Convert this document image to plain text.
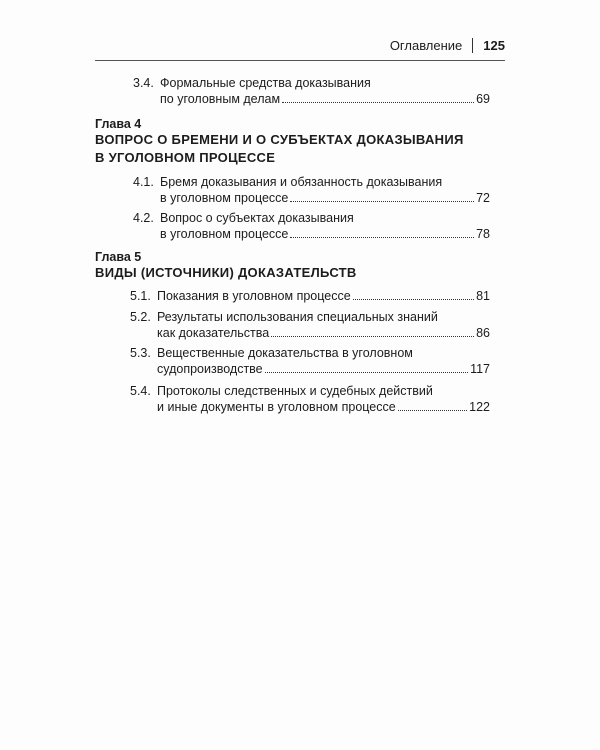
Оглавление 125
3.4. Формальные средства доказывания
по уголовным делам	69
Глава 4
ВОПРОС О БРЕМЕНИ И О СУБЪЕКТАХ ДОКАЗЫВАНИЯ
В УГОЛОВНОМ ПРОЦЕССЕ
4.1. Бремя доказывания и обязанность доказывания
в уголовном процессе	72
4.2. Вопрос о субъектах доказывания
в уголовном процессе	78
Глава 5
ВИДЫ (ИСТОЧНИКИ) ДОКАЗАТЕЛЬСТВ
5.1. Показания в уголовном процессе	81
5.2. Результаты использования специальных знаний
как доказательства	86
5.3. Вещественные доказательства в уголовном
судопроизводстве	117
5.4. Протоколы следственных и судебных действий
и иные документы в уголовном процессе	122
